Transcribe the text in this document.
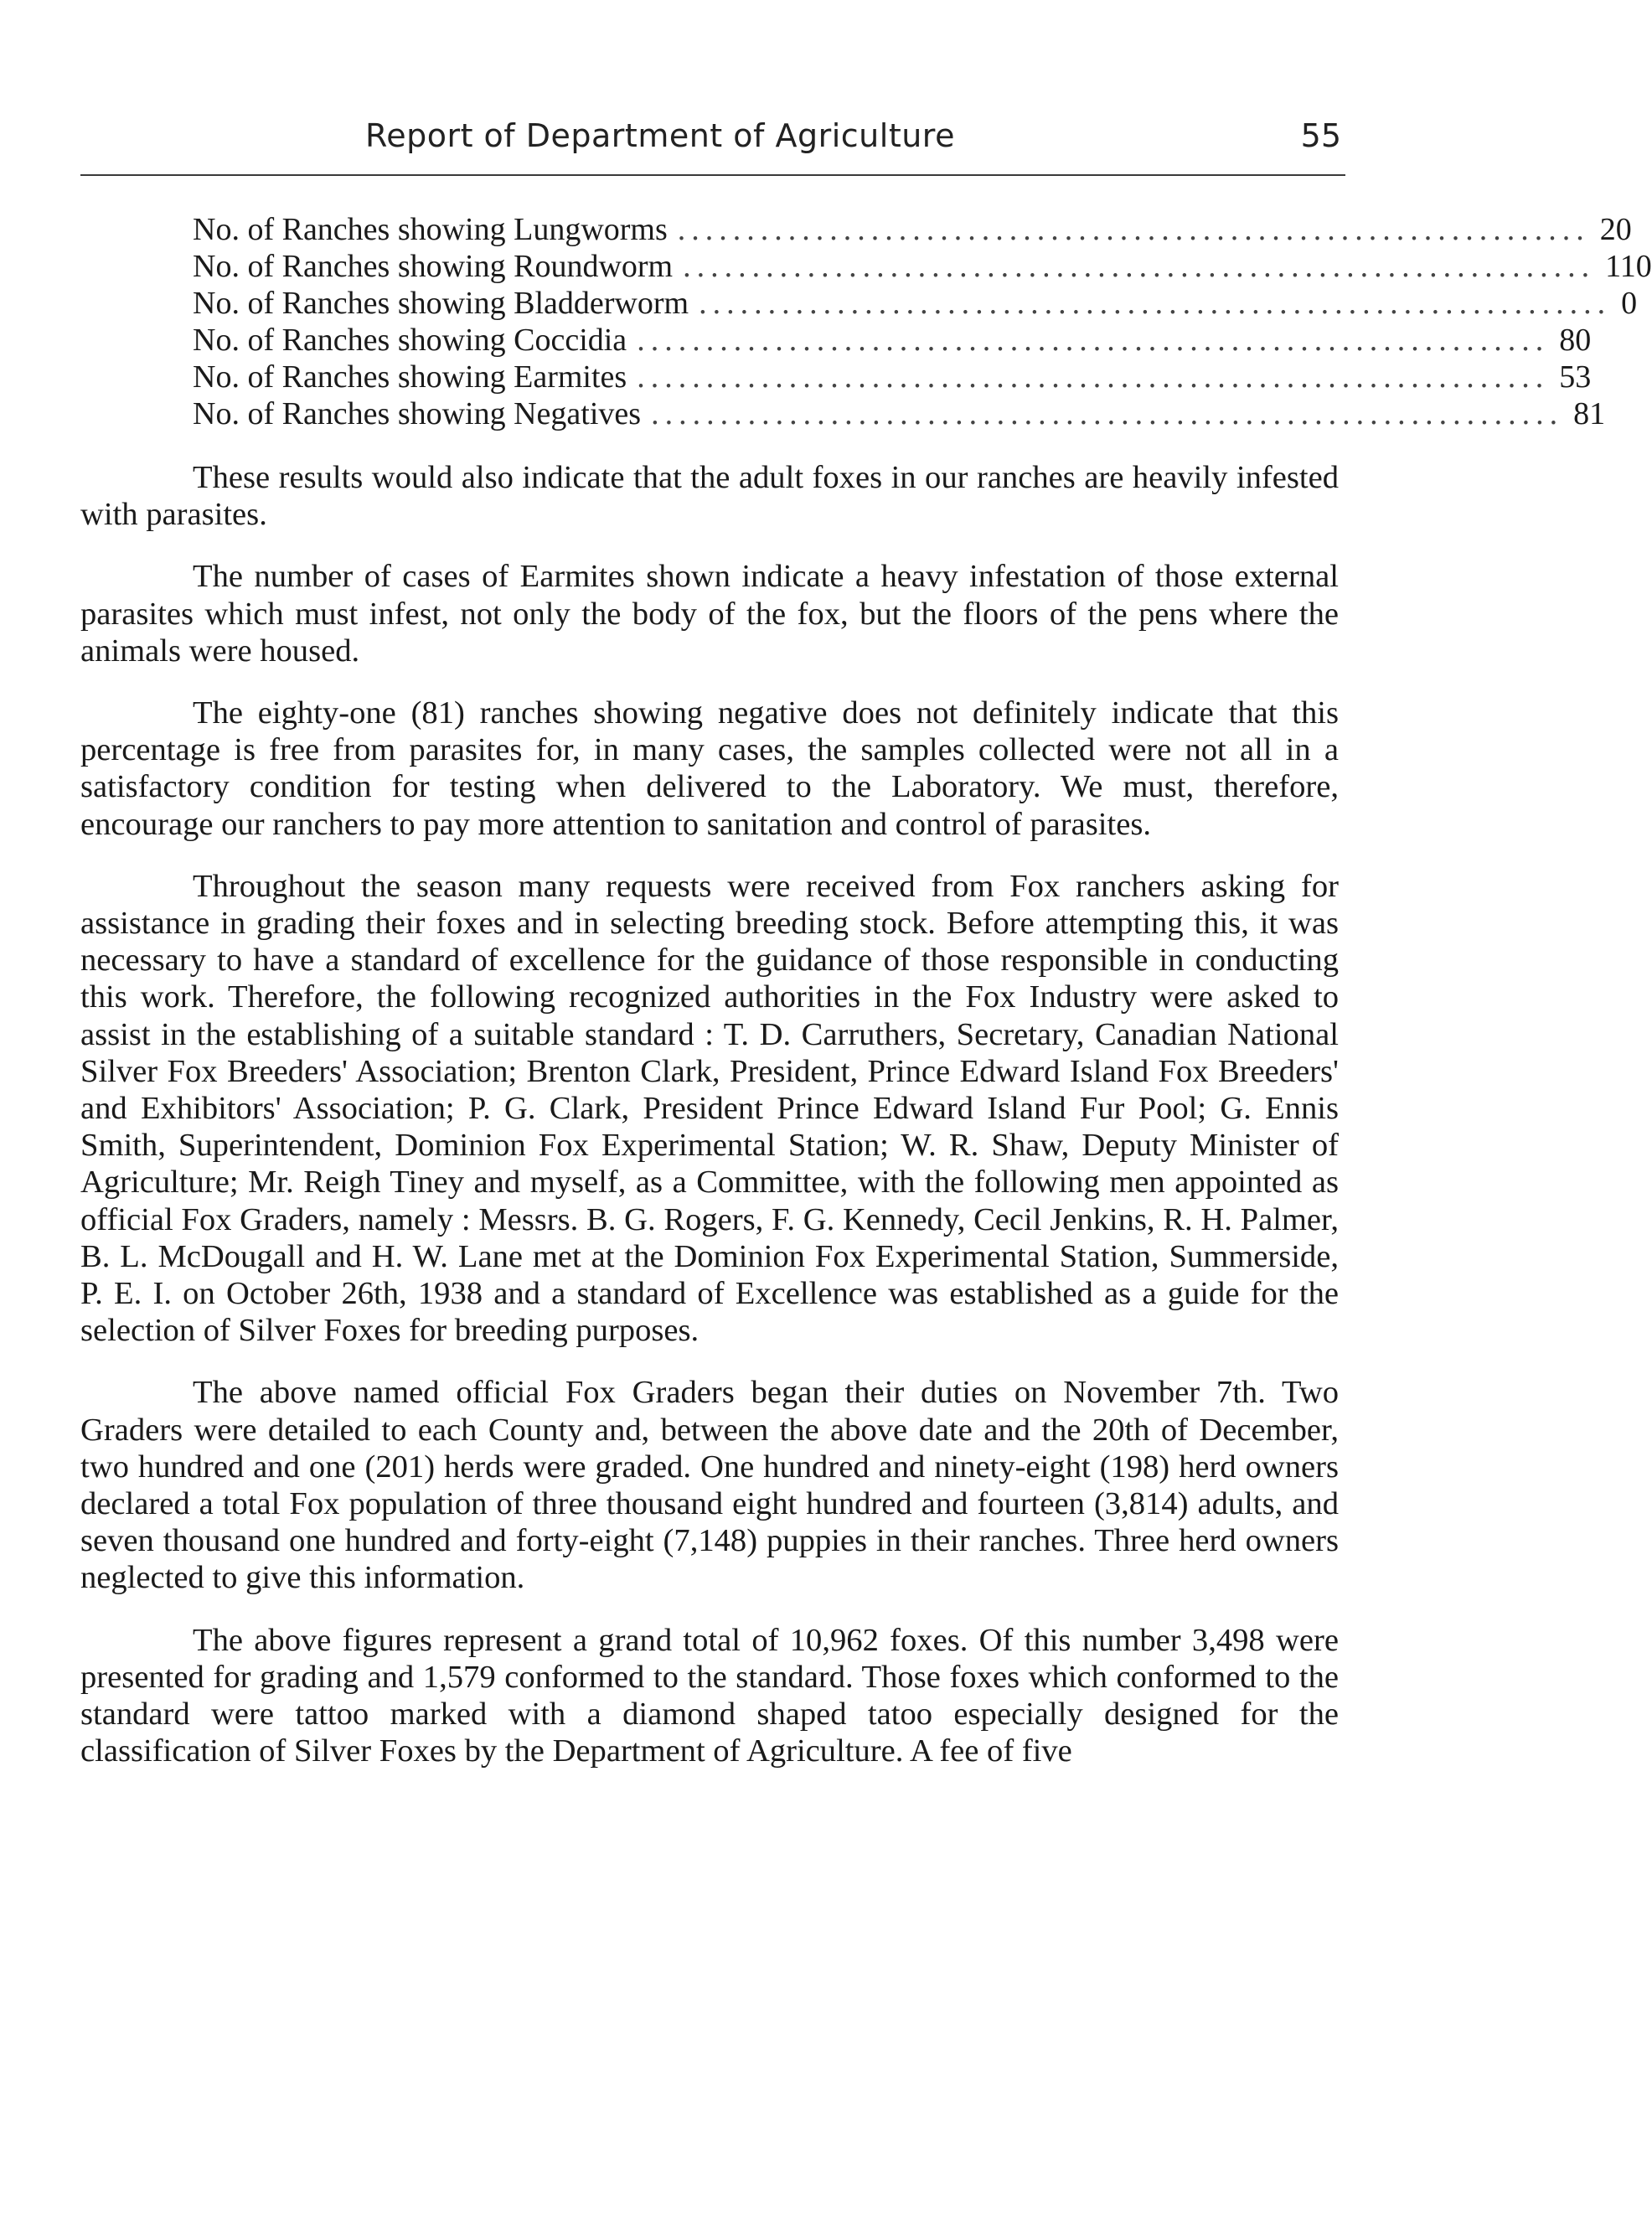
Report of Department of Agriculture	55
No. of Ranches showing Lungworms .................................................................. 20
No. of Ranches showing Roundworm .................................................................. 110
No. of Ranches showing Bladderworm .................................................................. 0
No. of Ranches showing Coccidia .................................................................. 80
No. of Ranches showing Earmites .................................................................. 53
No. of Ranches showing Negatives .................................................................. 81

These results would also indicate that the adult foxes in our ranches are heavily infested with parasites.

The number of cases of Earmites shown indicate a heavy infestation of those external parasites which must infest, not only the body of the fox, but the floors of the pens where the animals were housed.

The eighty-one (81) ranches showing negative does not definitely indicate that this percentage is free from parasites for, in many cases, the samples collected were not all in a satisfactory condition for testing when delivered to the Laboratory. We must, therefore, encourage our ranchers to pay more attention to sanitation and control of parasites.

Throughout the season many requests were received from Fox ranchers asking for assistance in grading their foxes and in selecting breeding stock. Before attempting this, it was necessary to have a standard of excellence for the guidance of those responsible in conducting this work. Therefore, the following recognized authorities in the Fox Industry were asked to assist in the establishing of a suitable standard : T. D. Carruthers, Secretary, Canadian National Silver Fox Breeders' Association; Brenton Clark, President, Prince Edward Island Fox Breeders' and Exhibitors' Association; P. G. Clark, President Prince Edward Island Fur Pool; G. Ennis Smith, Superintendent, Dominion Fox Experimental Station; W. R. Shaw, Deputy Minister of Agriculture; Mr. Reigh Tiney and myself, as a Committee, with the following men appointed as official Fox Graders, namely : Messrs. B. G. Rogers, F. G. Kennedy, Cecil Jenkins, R. H. Palmer, B. L. McDougall and H. W. Lane met at the Dominion Fox Experimental Station, Summerside, P. E. I. on October 26th, 1938 and a standard of Excellence was established as a guide for the selection of Silver Foxes for breeding purposes.

The above named official Fox Graders began their duties on November 7th. Two Graders were detailed to each County and, between the above date and the 20th of December, two hundred and one (201) herds were graded. One hundred and ninety-eight (198) herd owners declared a total Fox population of three thousand eight hundred and fourteen (3,814) adults, and seven thousand one hundred and forty-eight (7,148) puppies in their ranches. Three herd owners neglected to give this information.

The above figures represent a grand total of 10,962 foxes. Of this number 3,498 were presented for grading and 1,579 conformed to the standard. Those foxes which conformed to the standard were tattoo marked with a diamond shaped tatoo especially designed for the classification of Silver Foxes by the Department of Agriculture. A fee of five
